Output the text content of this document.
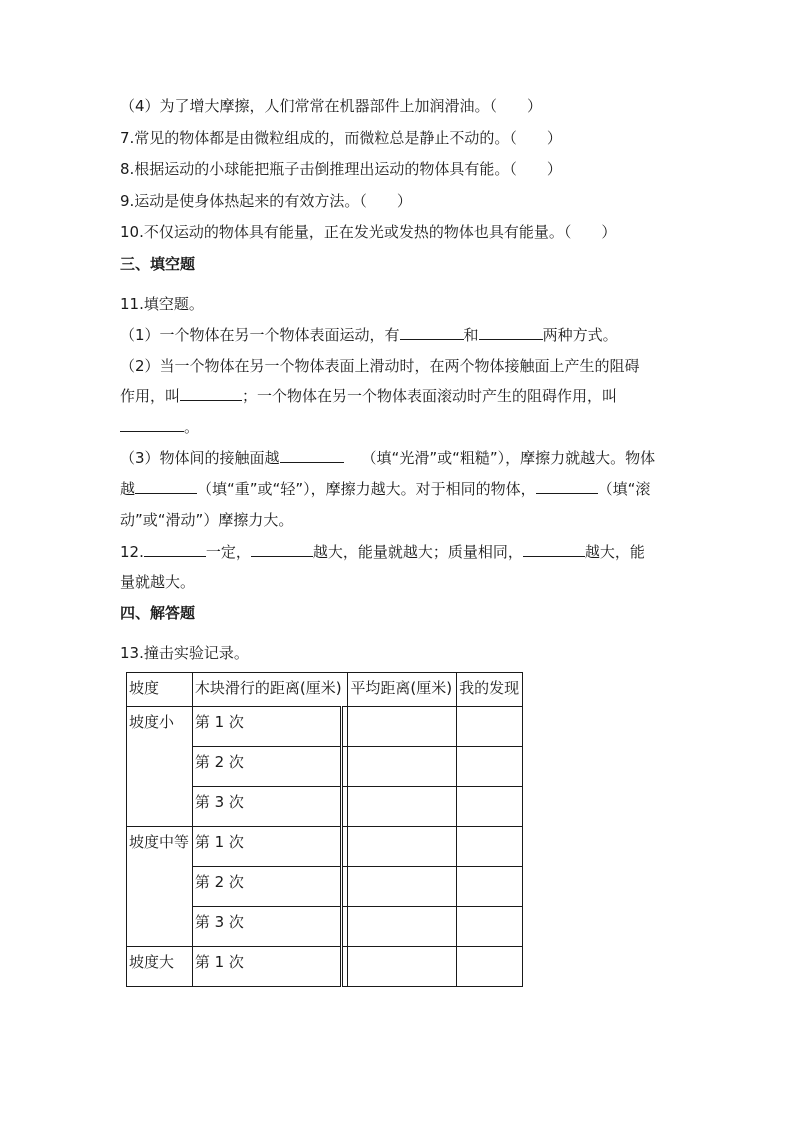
（4）为了增大摩擦，人们常常在机器部件上加润滑油。（　　）
7.常见的物体都是由微粒组成的，而微粒总是静止不动的。（　　）
8.根据运动的小球能把瓶子击倒推理出运动的物体具有能。（　　）
9.运动是使身体热起来的有效方法。（　　）
10.不仅运动的物体具有能量，正在发光或发热的物体也具有能量。（　　）
三、填空题
11.填空题。
（1）一个物体在另一个物体表面运动，有	和	两种方式。
（2）当一个物体在另一个物体表面上滑动时，在两个物体接触面上产生的阻碍
作用，叫	；一个物体在另一个物体表面滚动时产生的阻碍作用，叫
。
（3）物体间的接触面越	（填“光滑”或“粗糙”），摩擦力就越大。物体
越	（填“重”或“轻”），摩擦力越大。对于相同的物体，	（填“滚
动”或“滑动”）摩擦力大。
12.	一定，	越大，能量就越大；质量相同，	越大，能
量就越大。
四、解答题
13.撞击实验记录。
坡度	木块滑行的距离(厘米)		平均距离(厘米)	我的发现
坡度小	第 1 次			
	第 2 次			
	第 3 次			
坡度中等	第 1 次			
	第 2 次			
	第 3 次			
坡度大	第 1 次			
